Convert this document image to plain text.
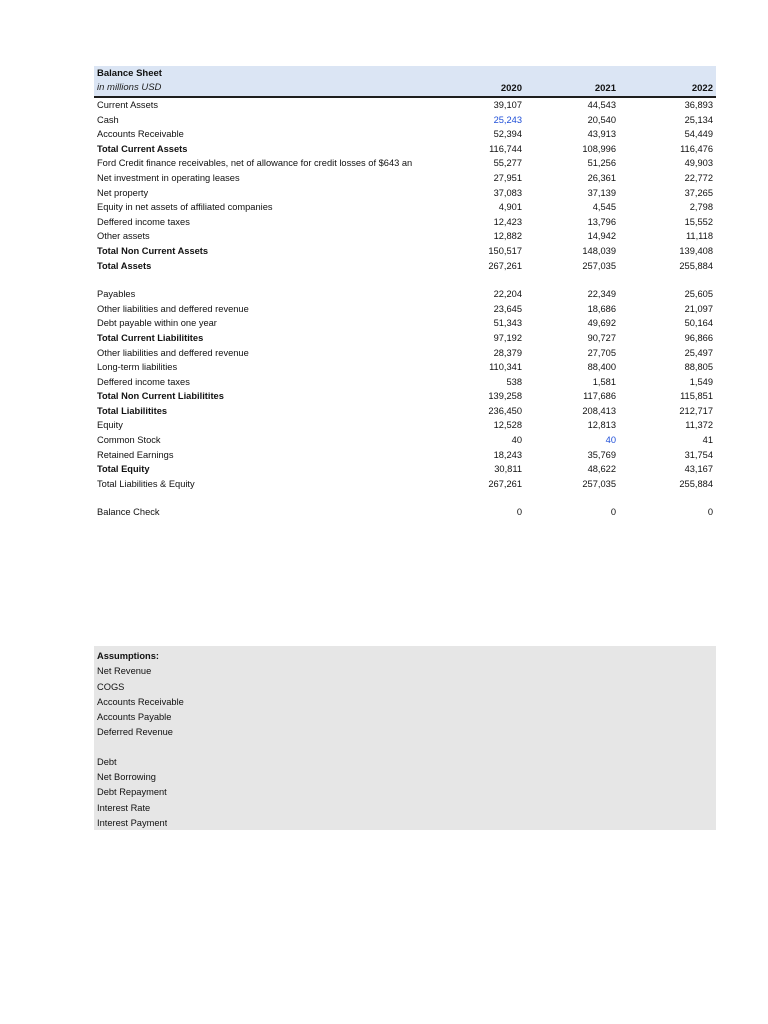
Balance Sheet
in millions USD	2020	2021	2022
Current Assets	39,107	44,543	36,893
Cash	25,243	20,540	25,134
Accounts Receivable	52,394	43,913	54,449
Total Current Assets	116,744	108,996	116,476
Ford Credit finance receivables, net of allowance for credit losses of $643 an	55,277	51,256	49,903
Net investment in operating leases	27,951	26,361	22,772
Net property	37,083	37,139	37,265
Equity in net assets of affiliated companies	4,901	4,545	2,798
Deffered income taxes	12,423	13,796	15,552
Other assets	12,882	14,942	11,118
Total Non Current Assets	150,517	148,039	139,408
Total Assets	267,261	257,035	255,884
Payables	22,204	22,349	25,605
Other liabilities and deffered revenue	23,645	18,686	21,097
Debt payable within one year	51,343	49,692	50,164
Total Current Liabilitites	97,192	90,727	96,866
Other liabilities and deffered revenue	28,379	27,705	25,497
Long-term liabilities	110,341	88,400	88,805
Deffered income taxes	538	1,581	1,549
Total Non Current Liabilitites	139,258	117,686	115,851
Total Liabilitites	236,450	208,413	212,717
Equity	12,528	12,813	11,372
Common Stock	40	40	41
Retained Earnings	18,243	35,769	31,754
Total Equity	30,811	48,622	43,167
Total Liabilities & Equity	267,261	257,035	255,884
Balance Check	0	0	0
Assumptions:
Net Revenue
COGS
Accounts Receivable
Accounts Payable
Deferred Revenue
Debt
Net Borrowing
Debt Repayment
Interest Rate
Interest Payment
